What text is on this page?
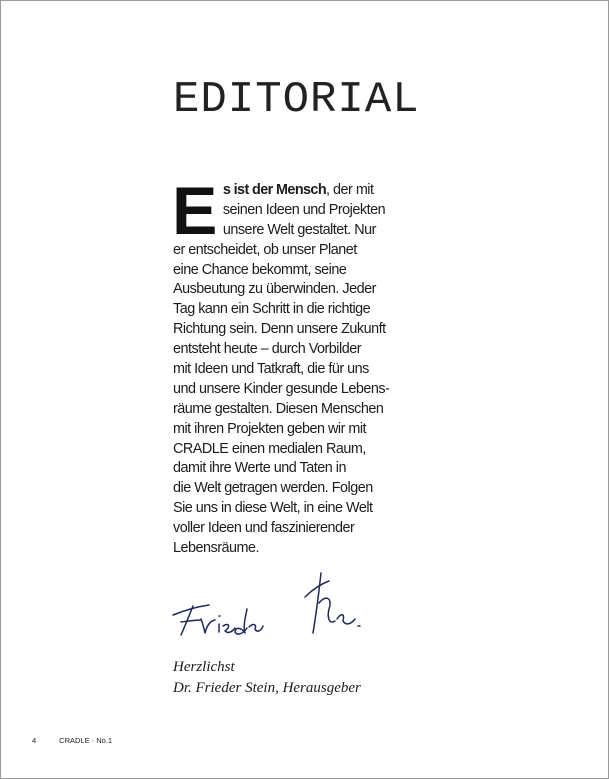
EDITORIAL
E s ist der Mensch, der mit
seinen Ideen und Projekten
unsere Welt gestaltet. Nur
er entscheidet, ob unser Planet
eine Chance bekommt, seine
Ausbeutung zu überwinden. Jeder
Tag kann ein Schritt in die richtige
Richtung sein. Denn unsere Zukunft
entsteht heute – durch Vorbilder
mit Ideen und Tatkraft, die für uns
und unsere Kinder gesunde Lebens-
räume gestalten. Diesen Menschen
mit ihren Projekten geben wir mit
CRADLE einen medialen Raum,
damit ihre Werte und Taten in
die Welt getragen werden. Folgen
Sie uns in diese Welt, in eine Welt
voller Ideen und faszinierender
Lebensräume.
Herzlichst
Dr. Frieder Stein, Herausgeber
4	CRADLE · No.1
